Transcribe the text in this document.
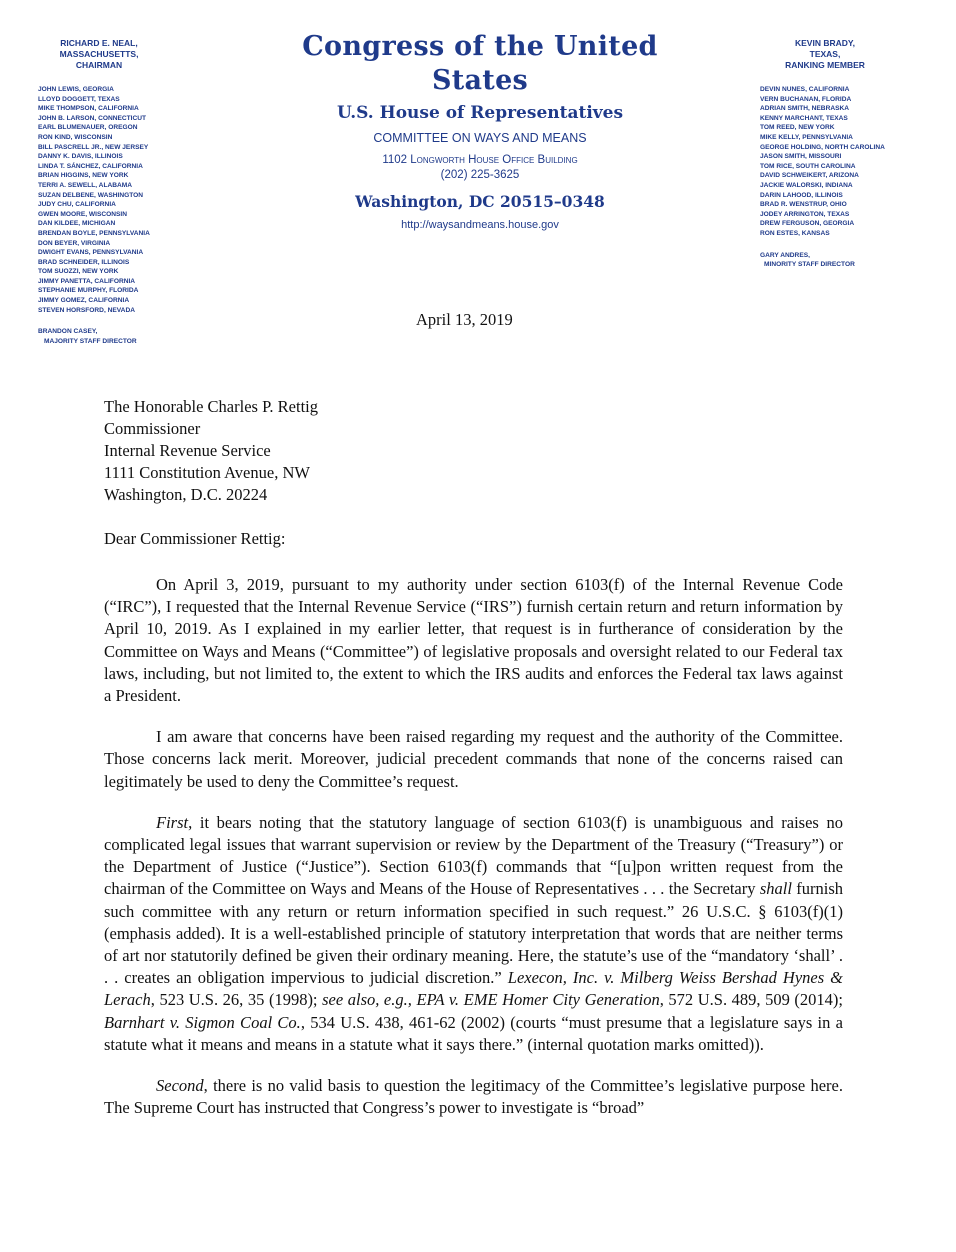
RICHARD E. NEAL,
MASSACHUSETTS,
CHAIRMAN
JOHN LEWIS, GEORGIA
LLOYD DOGGETT, TEXAS
MIKE THOMPSON, CALIFORNIA
JOHN B. LARSON, CONNECTICUT
EARL BLUMENAUER, OREGON
RON KIND, WISCONSIN
BILL PASCRELL JR., NEW JERSEY
DANNY K. DAVIS, ILLINOIS
LINDA T. SÁNCHEZ, CALIFORNIA
BRIAN HIGGINS, NEW YORK
TERRI A. SEWELL, ALABAMA
SUZAN DELBENE, WASHINGTON
JUDY CHU, CALIFORNIA
GWEN MOORE, WISCONSIN
DAN KILDEE, MICHIGAN
BRENDAN BOYLE, PENNSYLVANIA
DON BEYER, VIRGINIA
DWIGHT EVANS, PENNSYLVANIA
BRAD SCHNEIDER, ILLINOIS
TOM SUOZZI, NEW YORK
JIMMY PANETTA, CALIFORNIA
STEPHANIE MURPHY, FLORIDA
JIMMY GOMEZ, CALIFORNIA
STEVEN HORSFORD, NEVADA
BRANDON CASEY,
MAJORITY STAFF DIRECTOR
Congress of the United States
U.S. House of Representatives
COMMITTEE ON WAYS AND MEANS
1102 Longworth House Office Building
(202) 225-3625
Washington, DC 20515–0348
http://waysandmeans.house.gov
KEVIN BRADY,
TEXAS,
RANKING MEMBER
DEVIN NUNES, CALIFORNIA
VERN BUCHANAN, FLORIDA
ADRIAN SMITH, NEBRASKA
KENNY MARCHANT, TEXAS
TOM REED, NEW YORK
MIKE KELLY, PENNSYLVANIA
GEORGE HOLDING, NORTH CAROLINA
JASON SMITH, MISSOURI
TOM RICE, SOUTH CAROLINA
DAVID SCHWEIKERT, ARIZONA
JACKIE WALORSKI, INDIANA
DARIN LAHOOD, ILLINOIS
BRAD R. WENSTRUP, OHIO
JODEY ARRINGTON, TEXAS
DREW FERGUSON, GEORGIA
RON ESTES, KANSAS
GARY ANDRES,
MINORITY STAFF DIRECTOR
April 13, 2019
The Honorable Charles P. Rettig
Commissioner
Internal Revenue Service
1111 Constitution Avenue, NW
Washington, D.C. 20224
Dear Commissioner Rettig:

On April 3, 2019, pursuant to my authority under section 6103(f) of the Internal Revenue Code (“IRC”), I requested that the Internal Revenue Service (“IRS”) furnish certain return and return information by April 10, 2019. As I explained in my earlier letter, that request is in furtherance of consideration by the Committee on Ways and Means (“Committee”) of legislative proposals and oversight related to our Federal tax laws, including, but not limited to, the extent to which the IRS audits and enforces the Federal tax laws against a President.

I am aware that concerns have been raised regarding my request and the authority of the Committee. Those concerns lack merit. Moreover, judicial precedent commands that none of the concerns raised can legitimately be used to deny the Committee’s request.

First, it bears noting that the statutory language of section 6103(f) is unambiguous and raises no complicated legal issues that warrant supervision or review by the Department of the Treasury (“Treasury”) or the Department of Justice (“Justice”). Section 6103(f) commands that “[u]pon written request from the chairman of the Committee on Ways and Means of the House of Representatives . . . the Secretary shall furnish such committee with any return or return information specified in such request.” 26 U.S.C. § 6103(f)(1) (emphasis added). It is a well-established principle of statutory interpretation that words that are neither terms of art nor statutorily defined be given their ordinary meaning. Here, the statute’s use of the “mandatory ‘shall’ . . . creates an obligation impervious to judicial discretion.” Lexecon, Inc. v. Milberg Weiss Bershad Hynes & Lerach, 523 U.S. 26, 35 (1998); see also, e.g., EPA v. EME Homer City Generation, 572 U.S. 489, 509 (2014); Barnhart v. Sigmon Coal Co., 534 U.S. 438, 461-62 (2002) (courts “must presume that a legislature says in a statute what it means and means in a statute what it says there.” (internal quotation marks omitted)).

Second, there is no valid basis to question the legitimacy of the Committee’s legislative purpose here. The Supreme Court has instructed that Congress’s power to investigate is “broad”
